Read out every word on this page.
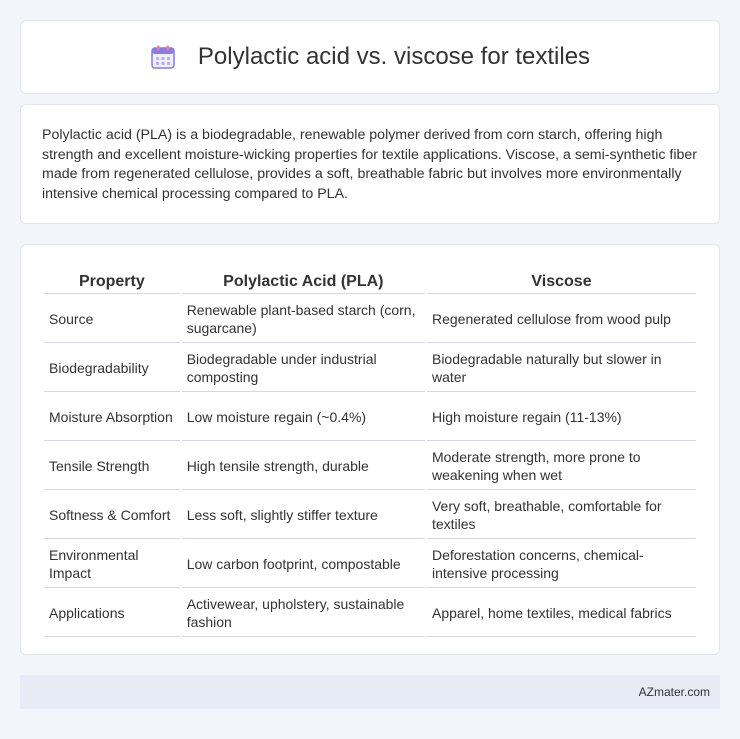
Polylactic acid vs. viscose for textiles

Polylactic acid (PLA) is a biodegradable, renewable polymer derived from corn starch, offering high strength and excellent moisture-wicking properties for textile applications. Viscose, a semi-synthetic fiber made from regenerated cellulose, provides a soft, breathable fabric but involves more environmentally intensive chemical processing compared to PLA.

Property	Polylactic Acid (PLA)	Viscose
Source	Renewable plant-based starch (corn, sugarcane)	Regenerated cellulose from wood pulp
Biodegradability	Biodegradable under industrial composting	Biodegradable naturally but slower in water
Moisture Absorption	Low moisture regain (~0.4%)	High moisture regain (11-13%)
Tensile Strength	High tensile strength, durable	Moderate strength, more prone to weakening when wet
Softness & Comfort	Less soft, slightly stiffer texture	Very soft, breathable, comfortable for textiles
Environmental Impact	Low carbon footprint, compostable	Deforestation concerns, chemical-intensive processing
Applications	Activewear, upholstery, sustainable fashion	Apparel, home textiles, medical fabrics
AZmater.com
